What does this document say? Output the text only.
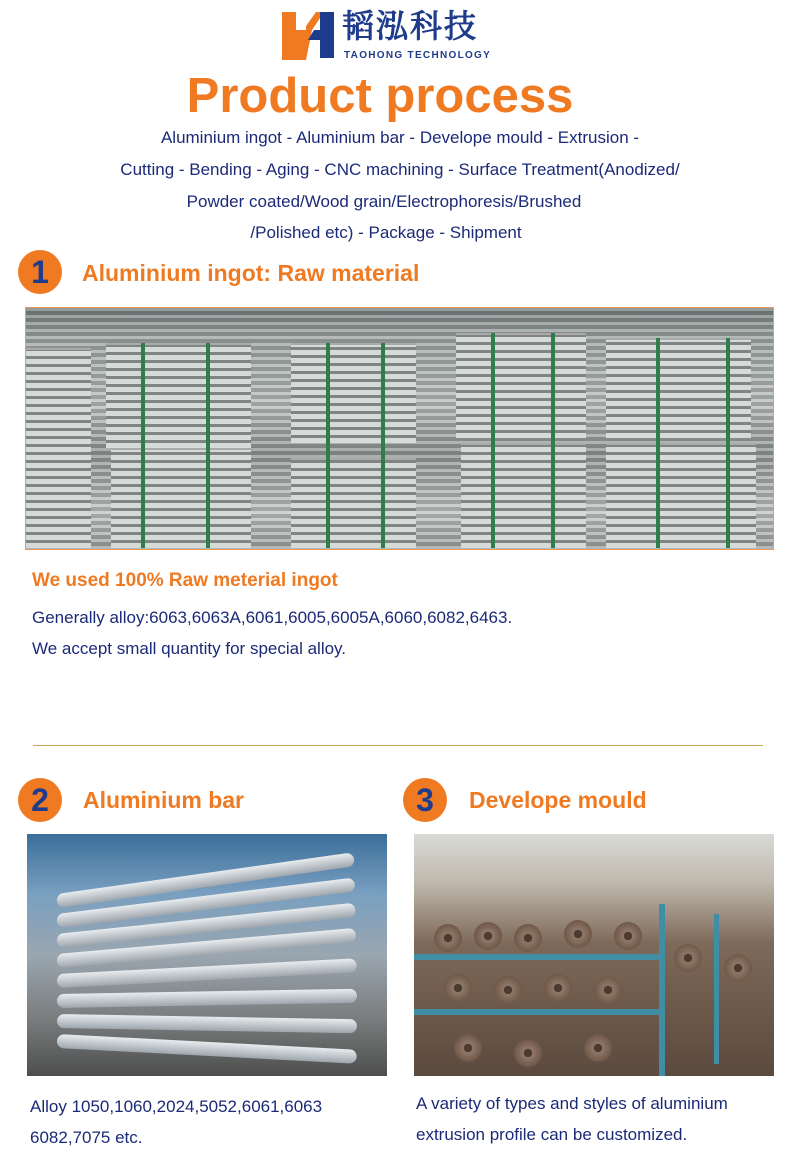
韬泓科技
TAOHONG TECHNOLOGY
Product process
Aluminium ingot - Aluminium bar - Develope mould - Extrusion -
Cutting - Bending - Aging - CNC machining - Surface Treatment(Anodized/
Powder coated/Wood grain/Electrophoresis/Brushed
/Polished etc) - Package - Shipment
1	Aluminium ingot: Raw material
We used 100% Raw meterial ingot
Generally alloy:6063,6063A,6061,6005,6005A,6060,6082,6463.
We accept small quantity for special alloy.
2	Aluminium bar	3	Develope mould
Alloy 1050,1060,2024,5052,6061,6063
6082,7075 etc.
A variety of types and styles of aluminium
extrusion profile can be customized.
